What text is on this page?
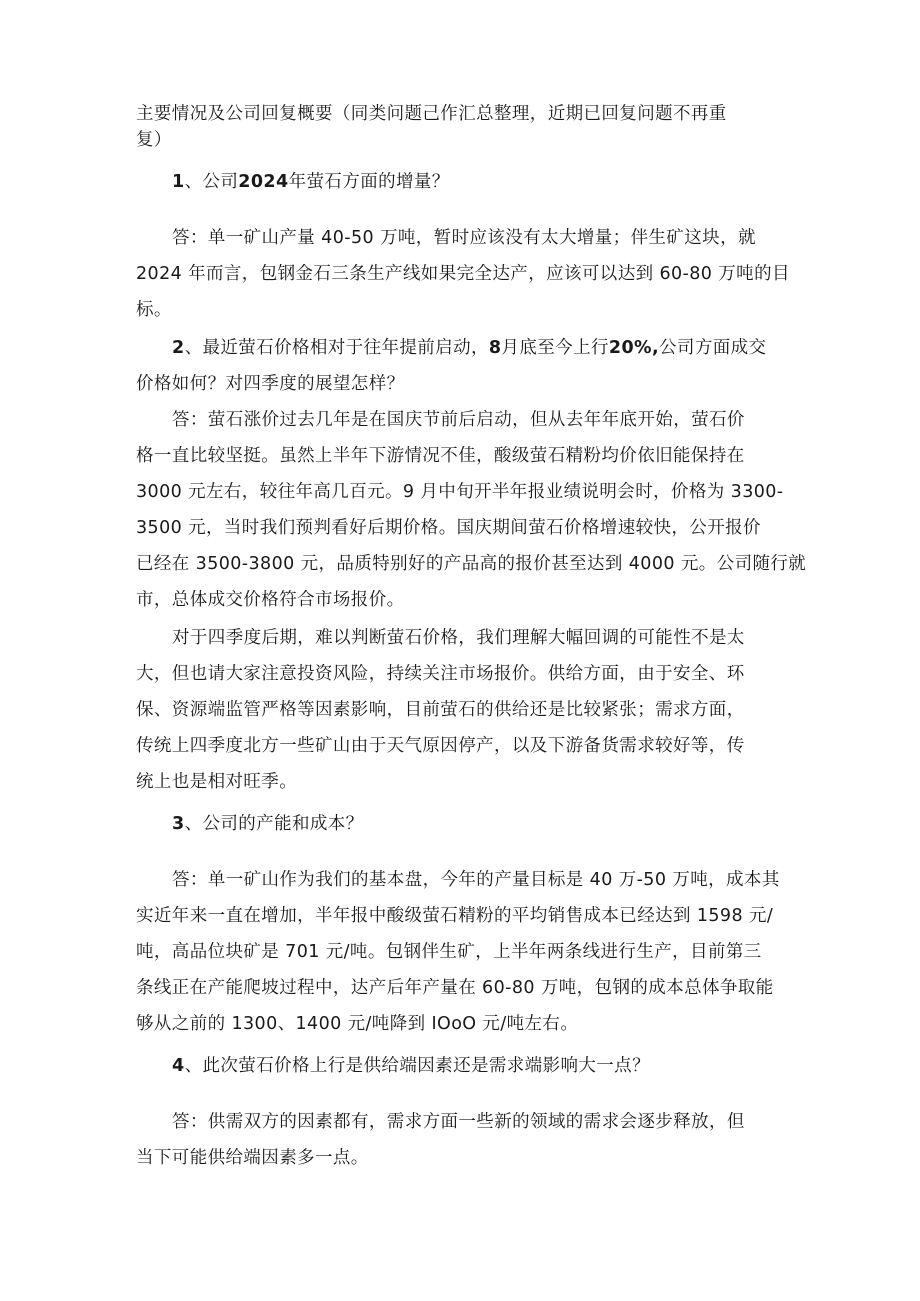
主要情况及公司回复概要（同类问题己作汇总整理，近期已回复问题不再重
复）
1、公司2024年萤石方面的增量？
答：单一矿山产量 40-50 万吨，暂时应该没有太大增量；伴生矿这块，就
2024 年而言，包钢金石三条生产线如果完全达产，应该可以达到 60-80 万吨的目
标。
2、最近萤石价格相对于往年提前启动，8月底至今上行20%,公司方面成交
价格如何？对四季度的展望怎样？
答：萤石涨价过去几年是在国庆节前后启动，但从去年年底开始，萤石价
格一直比较坚挺。虽然上半年下游情况不佳，酸级萤石精粉均价依旧能保持在
3000 元左右，较往年高几百元。9 月中旬开半年报业绩说明会时，价格为 3300-
3500 元，当时我们预判看好后期价格。国庆期间萤石价格增速较快，公开报价
已经在 3500-3800 元，品质特别好的产品高的报价甚至达到 4000 元。公司随行就
市，总体成交价格符合市场报价。
对于四季度后期，难以判断萤石价格，我们理解大幅回调的可能性不是太
大，但也请大家注意投资风险，持续关注市场报价。供给方面，由于安全、环
保、资源端监管严格等因素影响，目前萤石的供给还是比较紧张；需求方面，
传统上四季度北方一些矿山由于天气原因停产，以及下游备货需求较好等，传
统上也是相对旺季。
3、公司的产能和成本？
答：单一矿山作为我们的基本盘，今年的产量目标是 40 万-50 万吨，成本其
实近年来一直在增加，半年报中酸级萤石精粉的平均销售成本已经达到 1598 元/
吨，高品位块矿是 701 元/吨。包钢伴生矿，上半年两条线进行生产，目前第三
条线正在产能爬坡过程中，达产后年产量在 60-80 万吨，包钢的成本总体争取能
够从之前的 1300、1400 元/吨降到 IOoO 元/吨左右。
4、此次萤石价格上行是供给端因素还是需求端影响大一点？
答：供需双方的因素都有，需求方面一些新的领域的需求会逐步释放，但
当下可能供给端因素多一点。
